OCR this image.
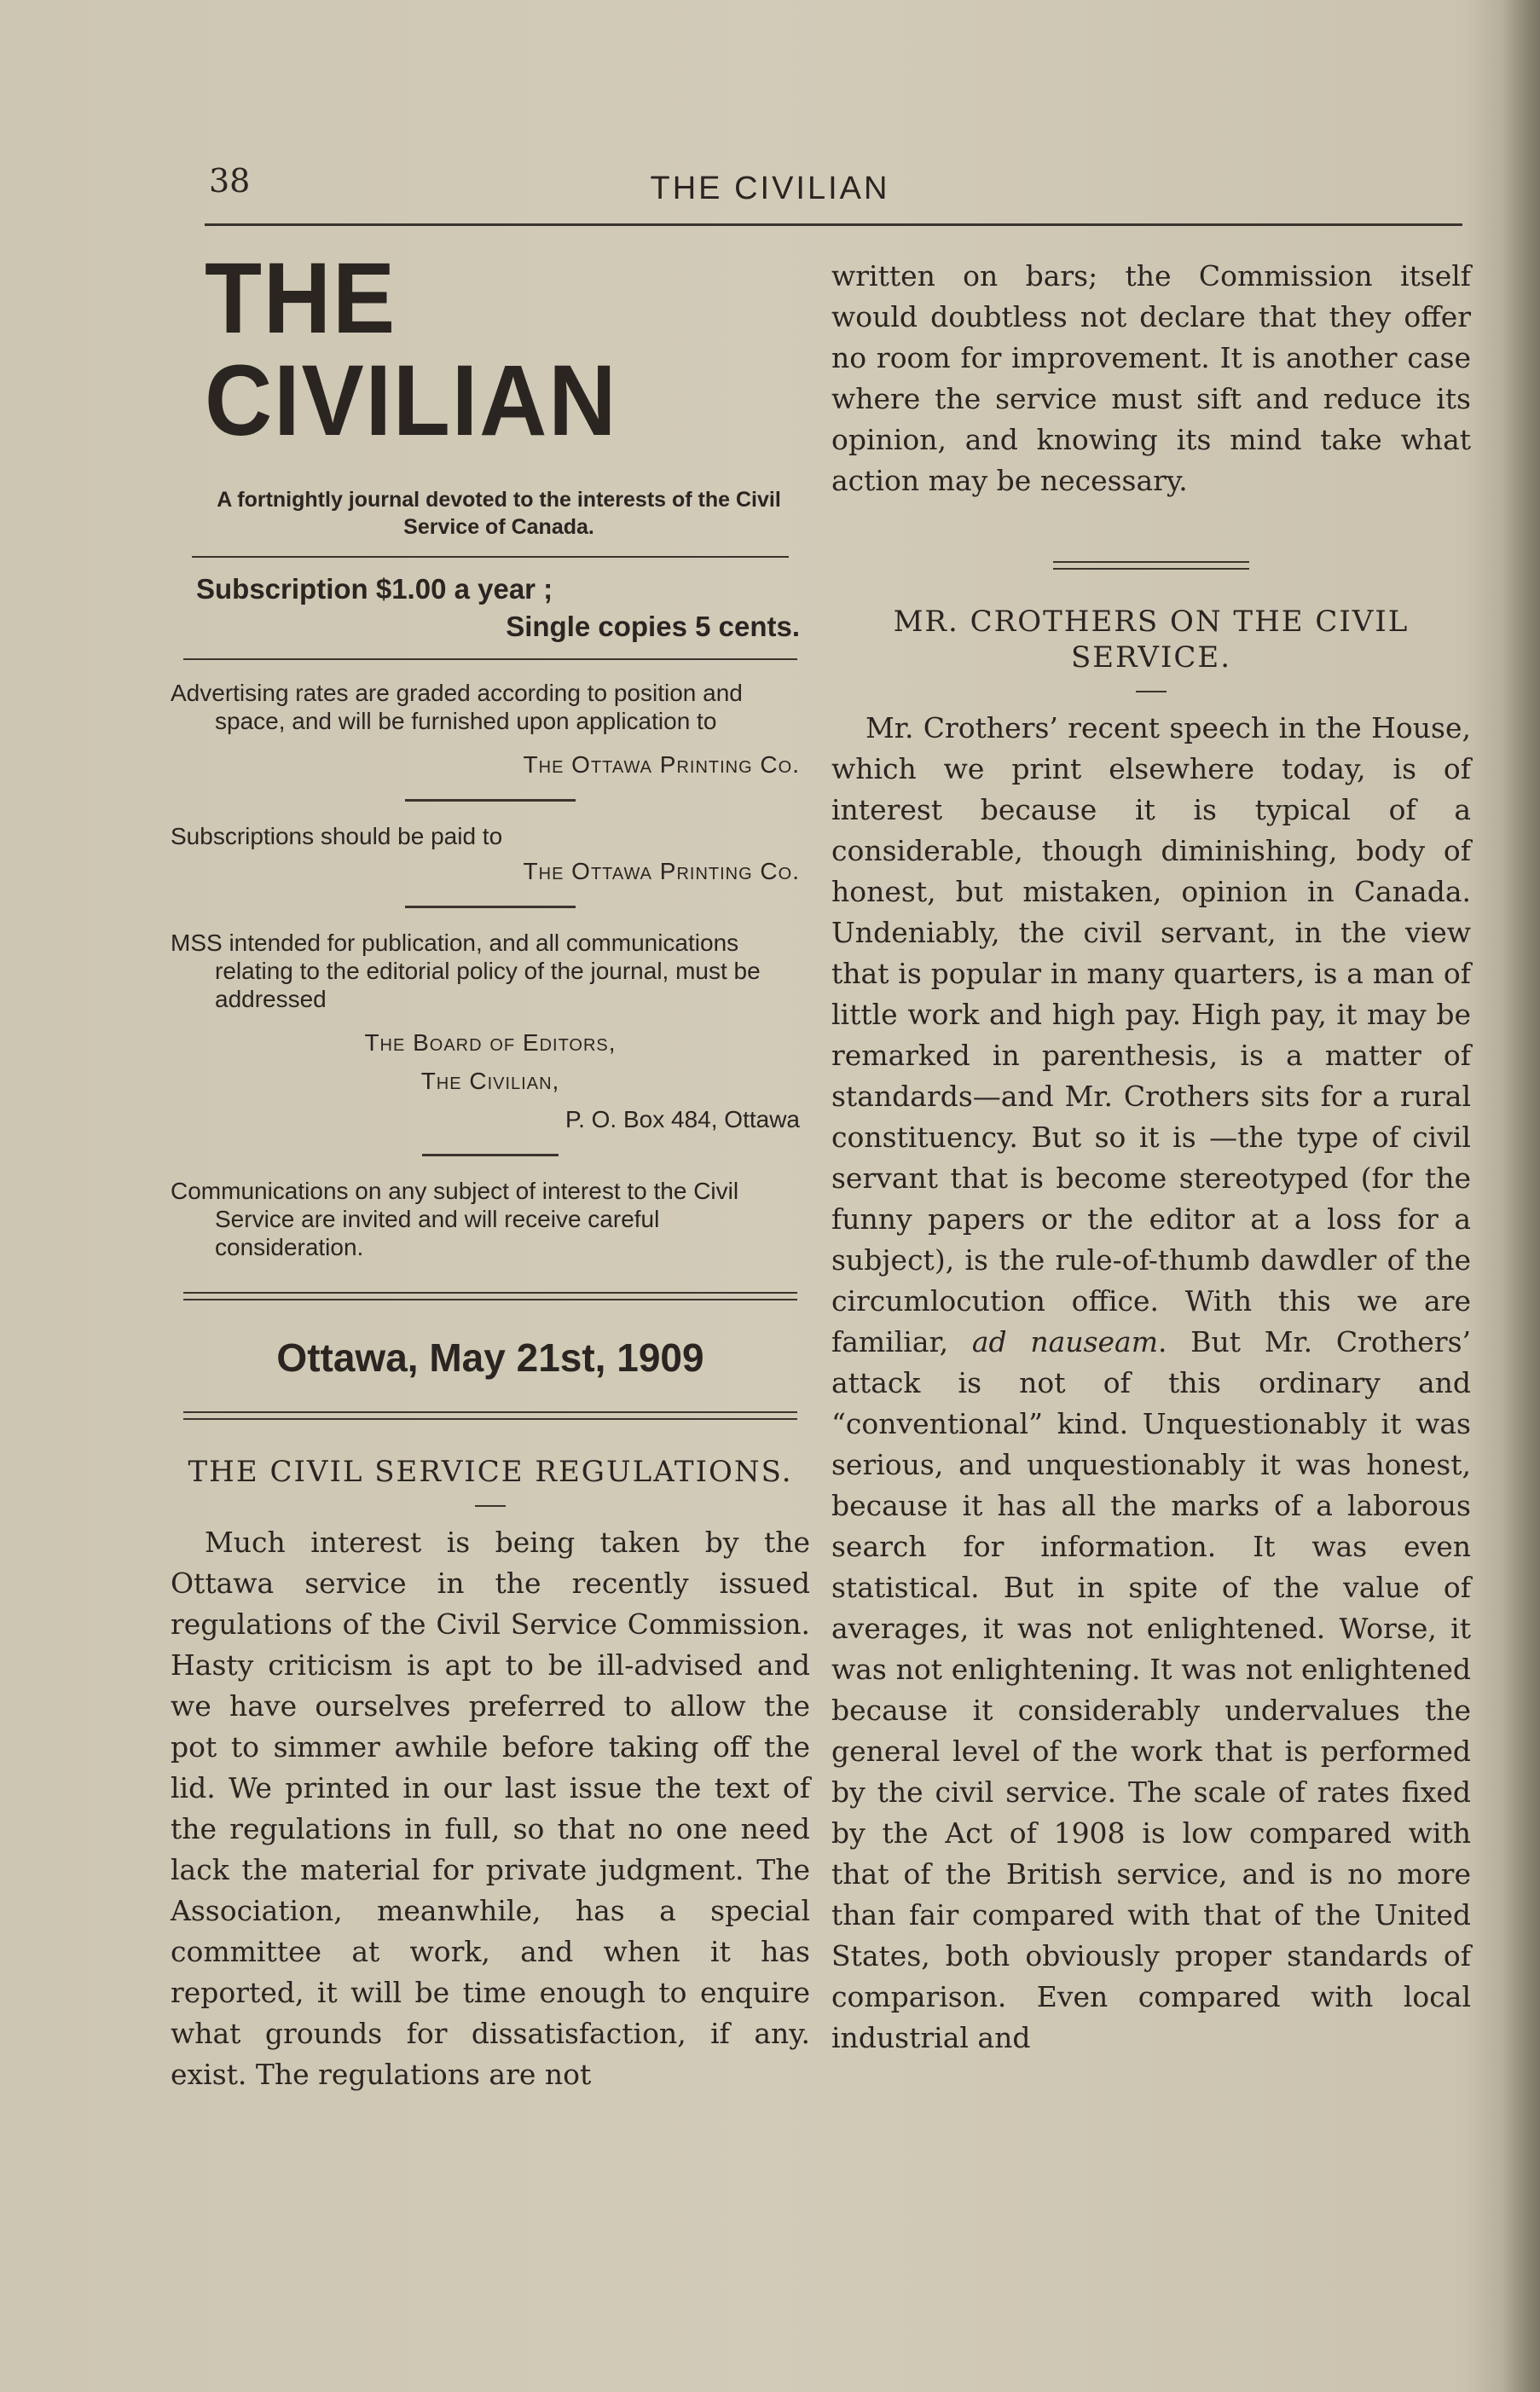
38	THE CIVILIAN
THE CIVILIAN
A fortnightly journal devoted to the interests of the Civil Service of Canada.
Subscription $1.00 a year ;
Single copies 5 cents.
Advertising rates are graded according to position and space, and will be furnished upon application to
The Ottawa Printing Co.
Subscriptions should be paid to
The Ottawa Printing Co.
MSS intended for publication, and all communications relating to the editorial policy of the journal, must be addressed
The Board of Editors,
The Civilian,
P. O. Box 484, Ottawa
Communications on any subject of interest to the Civil Service are invited and will receive careful consideration.
Ottawa, May 21st, 1909
THE CIVIL SERVICE REGULATIONS.

Much interest is being taken by the Ottawa service in the recently issued regulations of the Civil Service Commission. Hasty criticism is apt to be ill-advised and we have ourselves preferred to allow the pot to simmer awhile before taking off the lid. We printed in our last issue the text of the regulations in full, so that no one need lack the material for private judgment. The Association, meanwhile, has a special committee at work, and when it has reported, it will be time enough to enquire what grounds for dissatisfaction, if any. exist. The regulations are not

written on bars; the Commission itself would doubtless not declare that they offer no room for improvement. It is another case where the service must sift and reduce its opinion, and knowing its mind take what action may be necessary.

MR. CROTHERS ON THE CIVIL SERVICE.

Mr. Crothers’ recent speech in the House, which we print elsewhere today, is of interest because it is typical of a considerable, though diminishing, body of honest, but mistaken, opinion in Canada. Undeniably, the civil servant, in the view that is popular in many quarters, is a man of little work and high pay. High pay, it may be remarked in parenthesis, is a matter of standards—and Mr. Crothers sits for a rural constituency. But so it is —the type of civil servant that is become stereotyped (for the funny papers or the editor at a loss for a subject), is the rule-of-thumb dawdler of the circumlocution office. With this we are familiar, ad nauseam. But Mr. Crothers’ attack is not of this ordinary and “conventional” kind. Unquestionably it was serious, and unquestionably it was honest, because it has all the marks of a laborous search for information. It was even statistical. But in spite of the value of averages, it was not enlightened. Worse, it was not enlightening. It was not enlightened because it considerably undervalues the general level of the work that is performed by the civil service. The scale of rates fixed by the Act of 1908 is low compared with that of the British service, and is no more than fair compared with that of the United States, both obviously proper standards of comparison. Even compared with local industrial and
